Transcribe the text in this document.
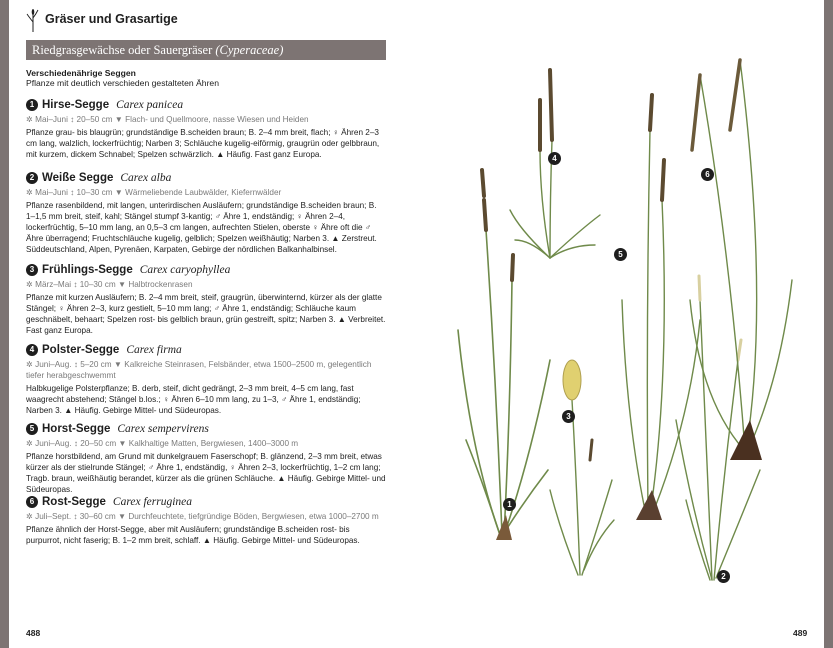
Gräser und Grasartige
Riedgrasgewächse oder Sauergräser (Cyperaceae)
Verschiedenährige Seggen
Pflanze mit deutlich verschieden gestalteten Ähren
1 Hirse-Segge Carex panicea
✲ Mai–Juni ↕ 20–50 cm ▼ Flach- und Quellmoore, nasse Wiesen und Heiden
Pflanze grau- bis blaugrün; grundständige B.scheiden braun; B. 2–4 mm breit, flach; ♀ Ähren 2–3 cm lang, walzlich, lockerfrüchtig; Narben 3; Schläuche kugelig-eiförmig, graugrün oder gelbbraun, mit kurzem, dickem Schnabel; Spelzen schwärzlich. ▲ Häufig. Fast ganz Europa.
2 Weiße Segge Carex alba
✲ Mai–Juni ↕ 10–30 cm ▼ Wärmeliebende Laubwälder, Kiefernwälder
Pflanze rasenbildend, mit langen, unterirdischen Ausläufern; grundständige B.scheiden braun; B. 1–1,5 mm breit, steif, kahl; Stängel stumpf 3-kantig; ♂ Ähre 1, endständig; ♀ Ähren 2–4, lockerfrüchtig, 5–10 mm lang, an 0,5–3 cm langen, aufrechten Stielen, oberste ♀ Ähre oft die ♂ Ähre überragend; Fruchtschläuche kugelig, gelblich; Spelzen weißhäutig; Narben 3. ▲ Zerstreut. Süddeutschland, Alpen, Pyrenäen, Karpaten, Gebirge der nördlichen Balkanhalbinsel.
3 Frühlings-Segge Carex caryophyllea
✲ März–Mai ↕ 10–30 cm ▼ Halbtrockenrasen
Pflanze mit kurzen Ausläufern; B. 2–4 mm breit, steif, graugrün, überwinternd, kürzer als der glatte Stängel; ♀ Ähren 2–3, kurz gestielt, 5–10 mm lang; ♂ Ähre 1, endständig; Schläuche kaum geschnäbelt, behaart; Spelzen rost- bis gelblich braun, grün gestreift, spitz; Narben 3. ▲ Verbreitet. Fast ganz Europa.
4 Polster-Segge Carex firma
✲ Juni–Aug. ↕ 5–20 cm ▼ Kalkreiche Steinrasen, Felsbänder, etwa 1500–2500 m, gelegentlich tiefer herabgeschwemmt
Halbkugelige Polsterpflanze; B. derb, steif, dicht gedrängt, 2–3 mm breit, 4–5 cm lang, fast waagrecht abstehend; Stängel b.los.; ♀ Ähren 6–10 mm lang, zu 1–3, ♂ Ähre 1, endständig; Narben 3. ▲ Häufig. Gebirge Mittel- und Südeuropas.
5 Horst-Segge Carex sempervirens
✲ Juni–Aug. ↕ 20–50 cm ▼ Kalkhaltige Matten, Bergwiesen, 1400–3000 m
Pflanze horstbildend, am Grund mit dunkelgrauem Faserschopf; B. glänzend, 2–3 mm breit, etwas kürzer als der stielrunde Stängel; ♂ Ähre 1, endständig, ♀ Ähren 2–3, lockerfrüchtig, 1–2 cm lang; Tragb. braun, weißhäutig berandet, kürzer als die grünen Schläuche. ▲ Häufig. Gebirge Mittel- und Südeuropas.
6 Rost-Segge Carex ferruginea
✲ Juli–Sept. ↕ 30–60 cm ▼ Durchfeuchtete, tiefgründige Böden, Bergwiesen, etwa 1000–2700 m
Pflanze ähnlich der Horst-Segge, aber mit Ausläufern; grundständige B.scheiden rost- bis purpurrot, nicht faserig; B. 1–2 mm breit, schlaff. ▲ Häufig. Gebirge Mittel- und Südeuropas.
488
1
2
3
4
5
6
489
